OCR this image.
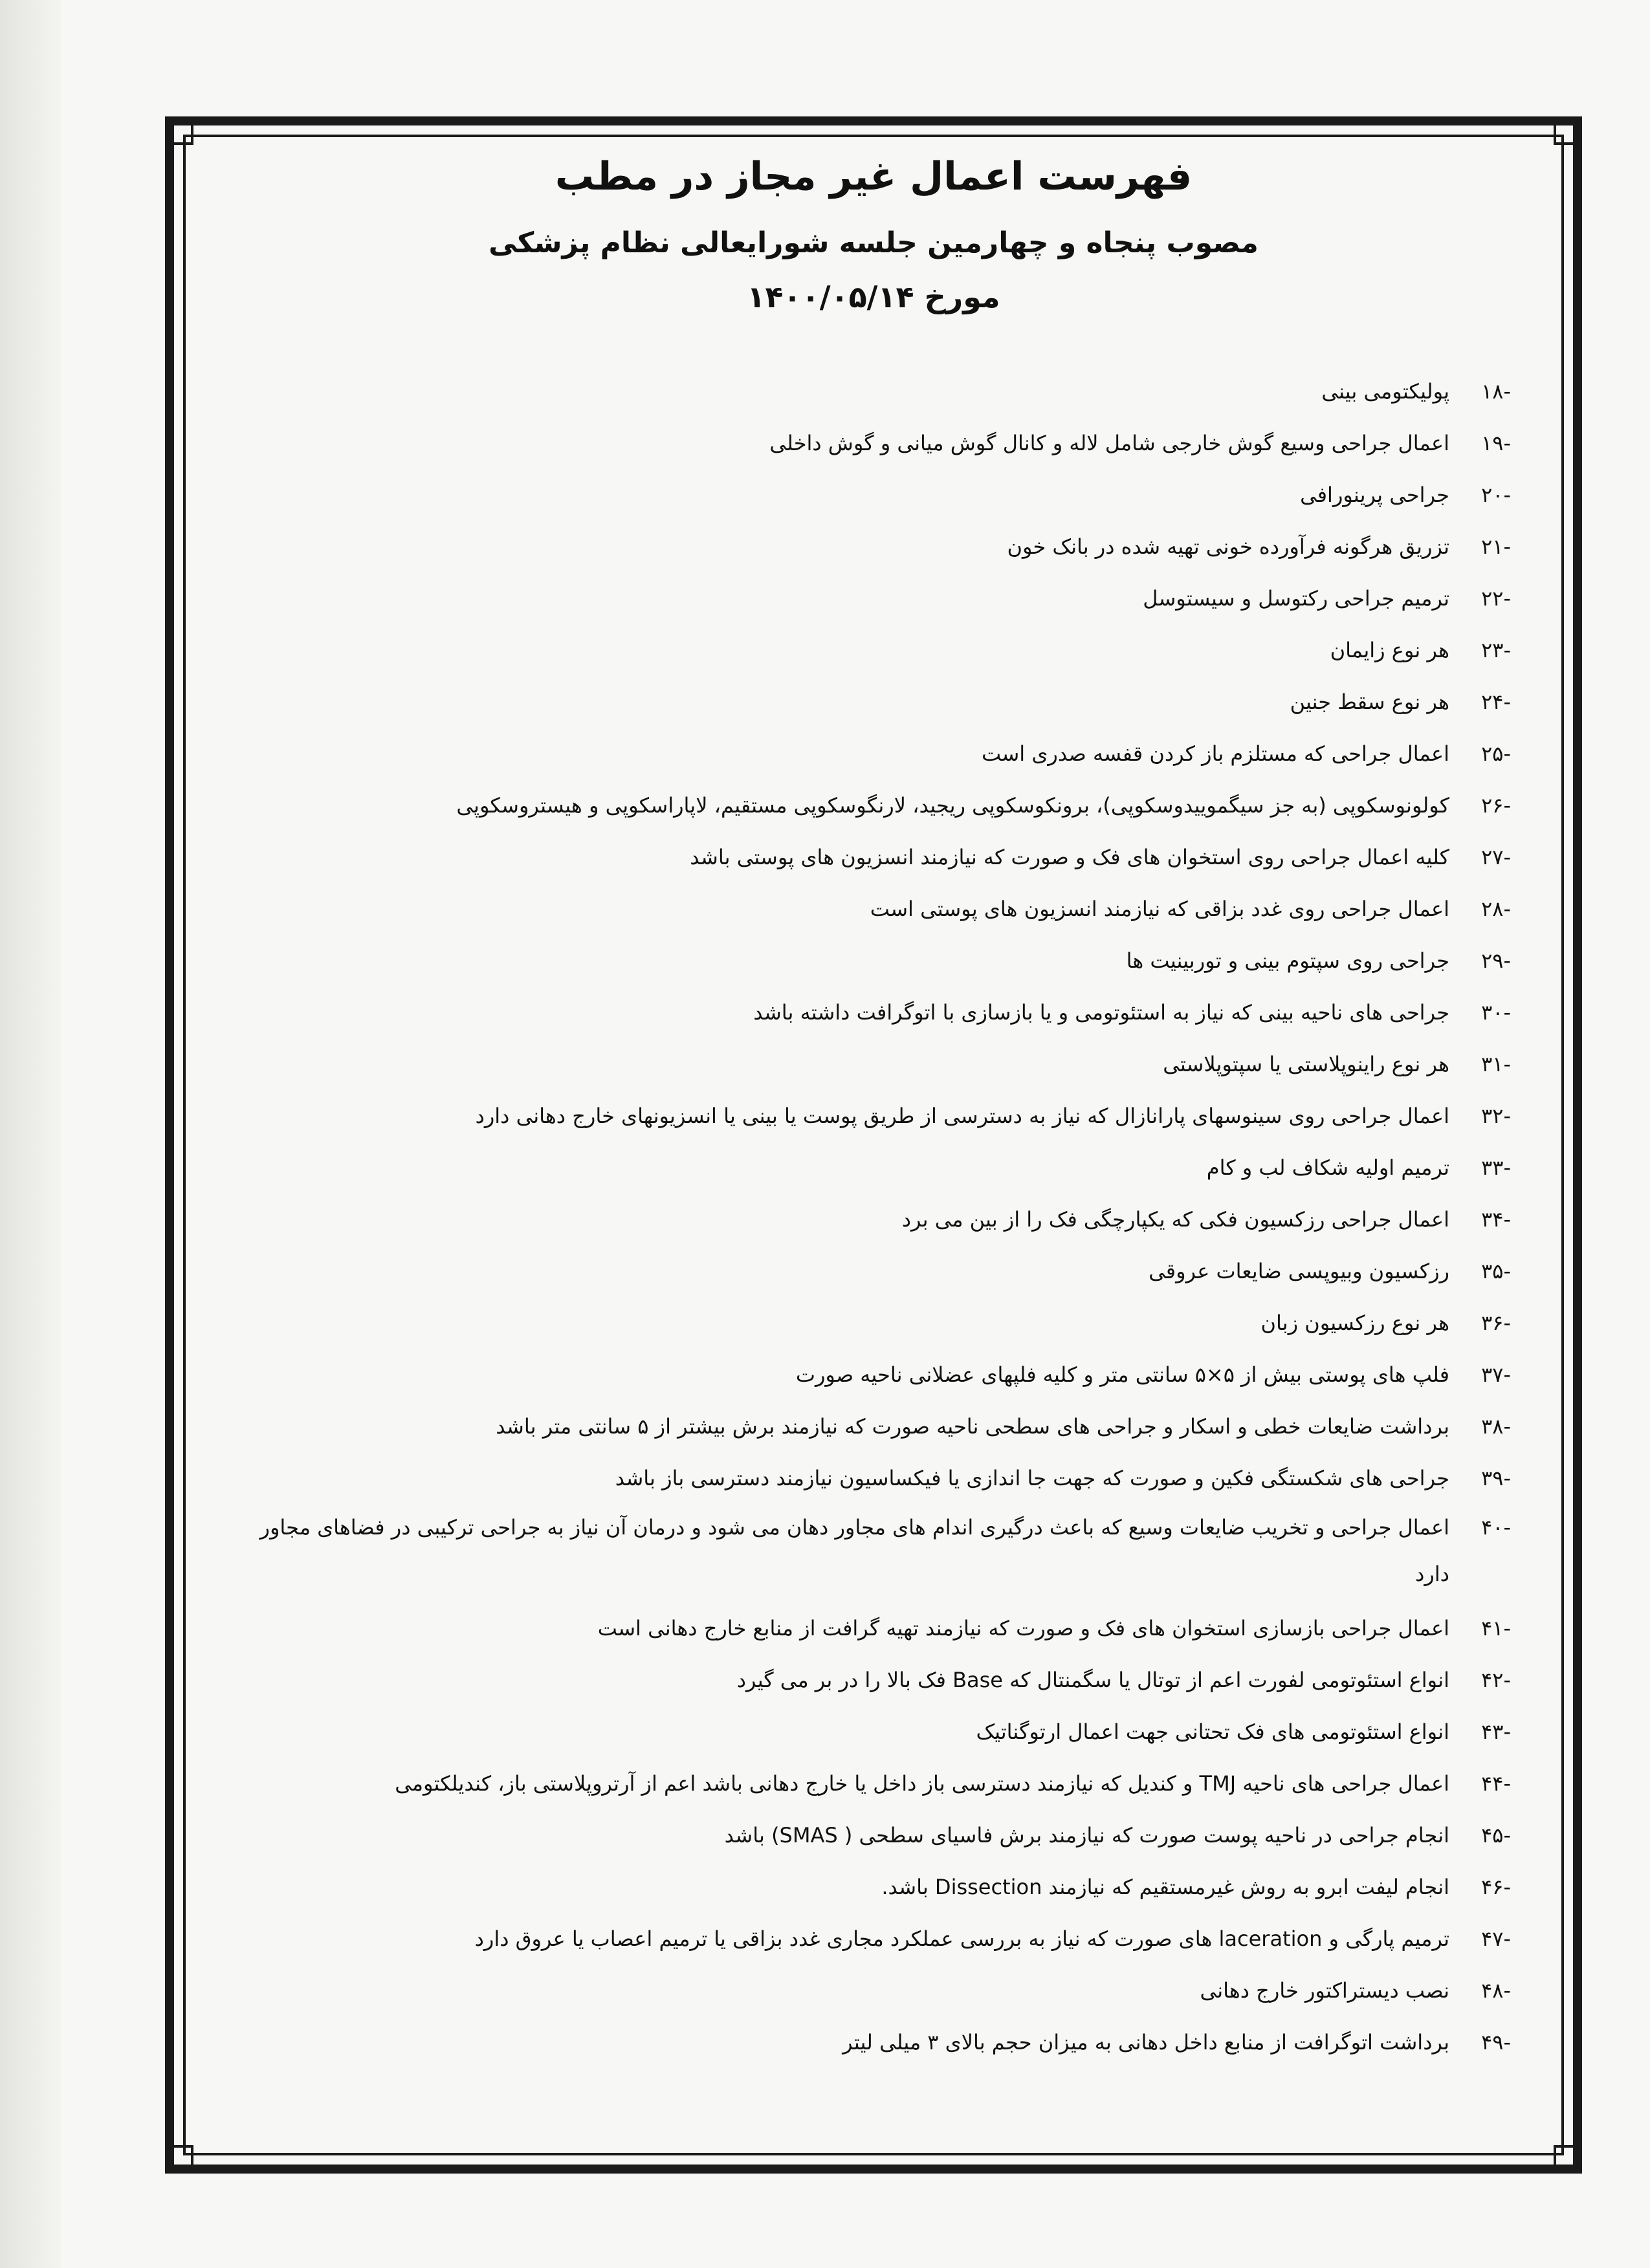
فهرست اعمال غیر مجاز در مطب
مصوب پنجاه و چهارمین جلسه شورایعالی نظام پزشکی
مورخ ۱۴۰۰/۰۵/۱۴
-۱۸
پولیکتومی بینی
-۱۹
اعمال جراحی وسیع گوش خارجی شامل لاله و کانال گوش میانی و گوش داخلی
-۲۰
جراحی پرینورافی
-۲۱
تزریق هرگونه فرآورده خونی تهیه شده در بانک خون
-۲۲
ترمیم جراحی رکتوسل و سیستوسل
-۲۳
هر نوع زایمان
-۲۴
هر نوع سقط جنین
-۲۵
اعمال جراحی که مستلزم باز کردن قفسه صدری است
-۲۶
کولونوسکوپی (به جز سیگموییدوسکوپی)، برونکوسکوپی ریجید، لارنگوسکوپی مستقیم، لاپاراسکوپی و هیستروسکوپی
-۲۷
کلیه اعمال جراحی روی استخوان های فک و صورت که نیازمند انسزیون های پوستی باشد
-۲۸
اعمال جراحی روی غدد بزاقی که نیازمند انسزیون های پوستی است
-۲۹
جراحی روی سپتوم بینی و توربینیت ها
-۳۰
جراحی های ناحیه بینی که نیاز به استئوتومی و یا بازسازی با اتوگرافت داشته باشد
-۳۱
هر نوع راینوپلاستی یا سپتوپلاستی
-۳۲
اعمال جراحی روی سینوسهای پارانازال که نیاز به دسترسی از طریق پوست یا بینی یا انسزیونهای خارج دهانی دارد
-۳۳
ترمیم اولیه شکاف لب و کام
-۳۴
اعمال جراحی رزکسیون فکی که یکپارچگی فک را از بین می برد
-۳۵
رزکسیون وبیوپسی ضایعات عروقی
-۳۶
هر نوع رزکسیون زبان
-۳۷
فلپ های پوستی بیش از ۵×۵ سانتی متر و کلیه فلپهای عضلانی ناحیه صورت
-۳۸
برداشت ضایعات خطی و اسکار و جراحی های سطحی ناحیه صورت که نیازمند برش بیشتر از ۵ سانتی متر باشد
-۳۹
جراحی های شکستگی فکین و صورت که جهت جا اندازی یا فیکساسیون نیازمند دسترسی باز باشد
-۴۰
اعمال جراحی و تخریب ضایعات وسیع که باعث درگیری اندام های مجاور دهان می شود و درمان آن نیاز به جراحی ترکیبی در فضاهای مجاور دارد
-۴۱
اعمال جراحی بازسازی استخوان های فک و صورت که نیازمند تهیه گرافت از منابع خارج دهانی است
-۴۲
انواع استئوتومی لفورت اعم از توتال یا سگمنتال که Base فک بالا را در بر می گیرد
-۴۳
انواع استئوتومی های فک تحتانی جهت اعمال ارتوگناتیک
-۴۴
اعمال جراحی های ناحیه TMJ و کندیل که نیازمند دسترسی باز داخل یا خارج دهانی باشد اعم از آرتروپلاستی باز، کندیلکتومی
-۴۵
انجام جراحی در ناحیه پوست صورت که نیازمند برش فاسیای سطحی ( SMAS) باشد
-۴۶
انجام لیفت ابرو به روش غیرمستقیم که نیازمند Dissection باشد.
-۴۷
ترمیم پارگی و laceration های صورت که نیاز به بررسی عملکرد مجاری غدد بزاقی یا ترمیم اعصاب یا عروق دارد
-۴۸
نصب دیستراکتور خارج دهانی
-۴۹
برداشت اتوگرافت از منابع داخل دهانی به میزان حجم بالای ۳ میلی لیتر
